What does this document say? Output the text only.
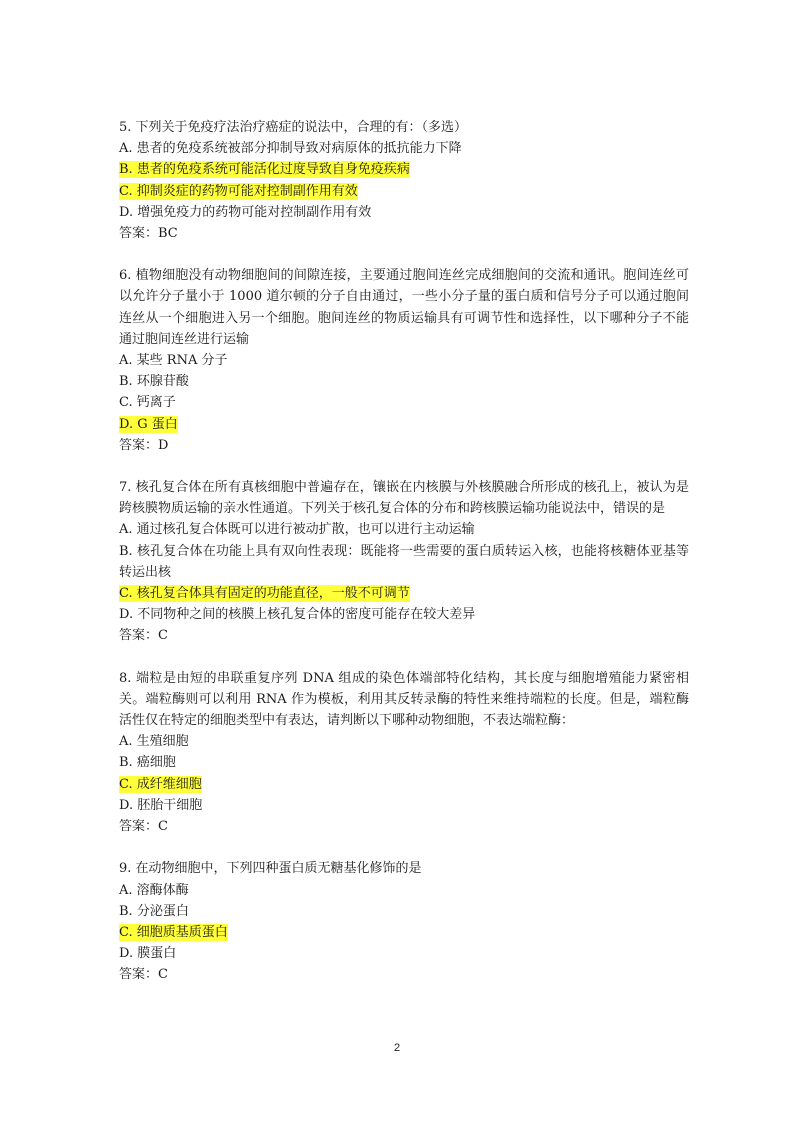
5. 下列关于免疫疗法治疗癌症的说法中，合理的有：（多选）
A. 患者的免疫系统被部分抑制导致对病原体的抵抗能力下降
B. 患者的免疫系统可能活化过度导致自身免疫疾病
C. 抑制炎症的药物可能对控制副作用有效
D. 增强免疫力的药物可能对控制副作用有效
答案：BC
6. 植物细胞没有动物细胞间的间隙连接，主要通过胞间连丝完成细胞间的交流和通讯。胞间连丝可以允许分子量小于 1000 道尔顿的分子自由通过，一些小分子量的蛋白质和信号分子可以通过胞间连丝从一个细胞进入另一个细胞。胞间连丝的物质运输具有可调节性和选择性，以下哪种分子不能通过胞间连丝进行运输
A. 某些 RNA 分子
B. 环腺苷酸
C. 钙离子
D. G 蛋白
答案：D
7. 核孔复合体在所有真核细胞中普遍存在，镶嵌在内核膜与外核膜融合所形成的核孔上，被认为是跨核膜物质运输的亲水性通道。下列关于核孔复合体的分布和跨核膜运输功能说法中，错误的是
A. 通过核孔复合体既可以进行被动扩散，也可以进行主动运输
B. 核孔复合体在功能上具有双向性表现：既能将一些需要的蛋白质转运入核，也能将核糖体亚基等转运出核
C. 核孔复合体具有固定的功能直径，一般不可调节
D. 不同物种之间的核膜上核孔复合体的密度可能存在较大差异
答案：C
8. 端粒是由短的串联重复序列 DNA 组成的染色体端部特化结构，其长度与细胞增殖能力紧密相关。端粒酶则可以利用 RNA 作为模板，利用其反转录酶的特性来维持端粒的长度。但是，端粒酶活性仅在特定的细胞类型中有表达，请判断以下哪种动物细胞，不表达端粒酶：
A. 生殖细胞
B. 癌细胞
C. 成纤维细胞
D. 胚胎干细胞
答案：C
9. 在动物细胞中，下列四种蛋白质无糖基化修饰的是
A. 溶酶体酶
B. 分泌蛋白
C. 细胞质基质蛋白
D. 膜蛋白
答案：C
2
